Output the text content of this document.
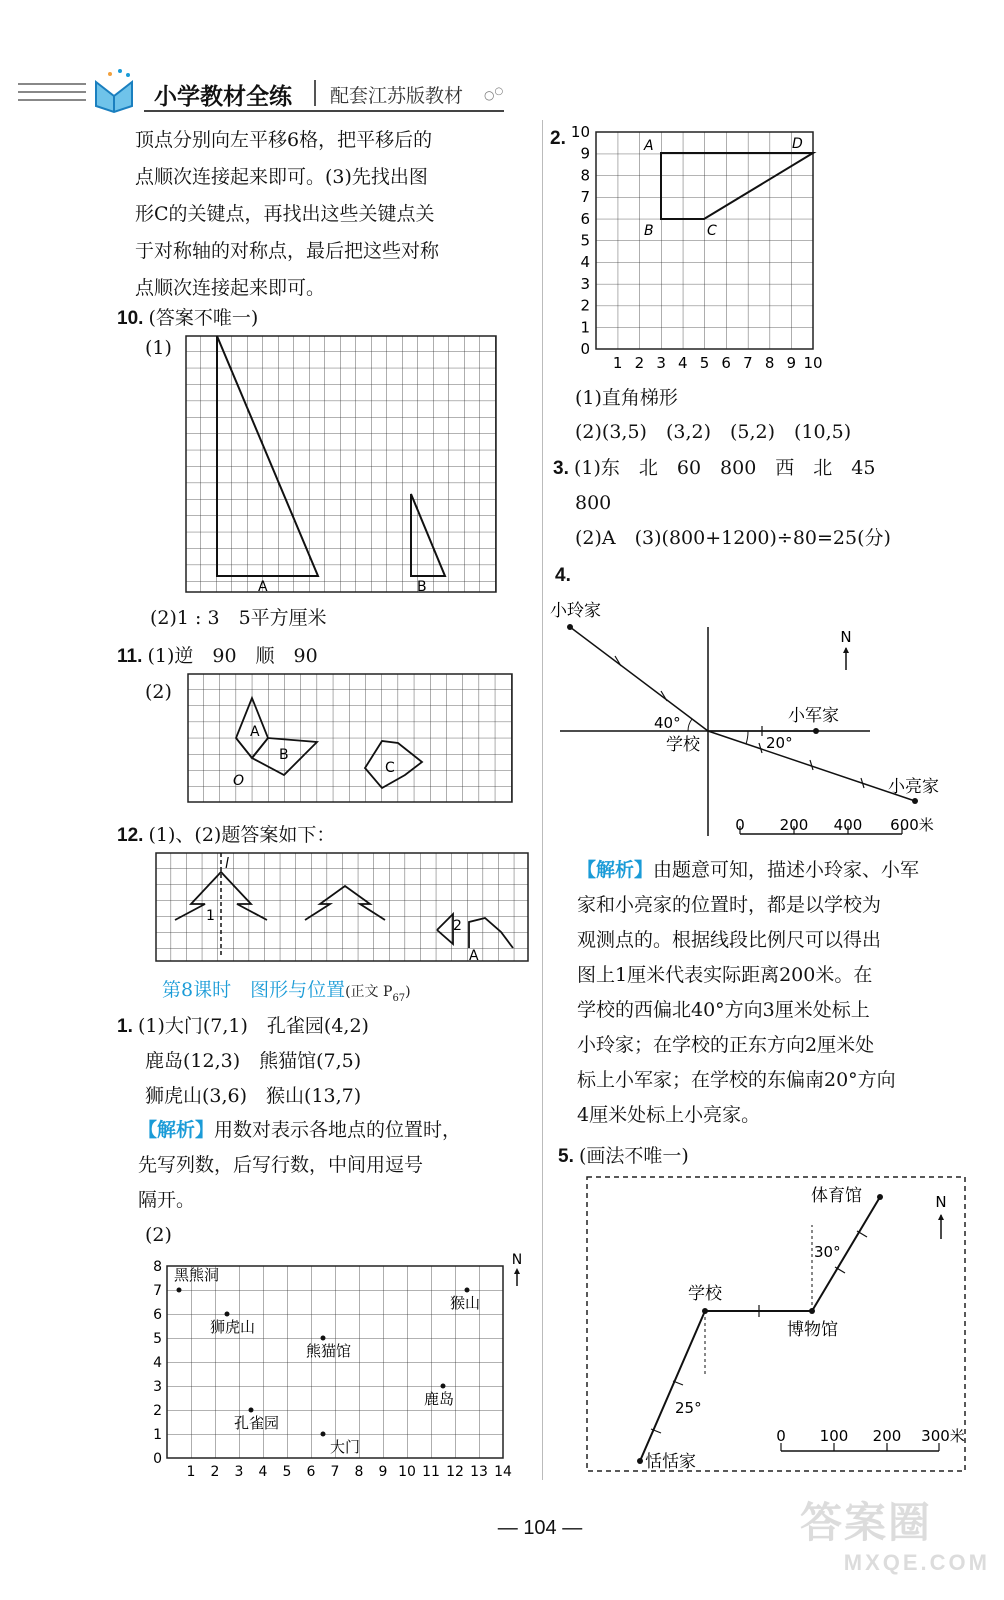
小学教材全练 配套江苏版教材 ○○
顶点分别向左平移6格，把平移后的
点顺次连接起来即可。(3)先找出图
形C的关键点，再找出这些关键点关
于对称轴的对称点，最后把这些对称
点顺次连接起来即可。
10. (答案不唯一)
(1)
A	B
(2)1 : 3　5平方厘米
11. (1)逆　90　顺　90
(2)
A
B
C
O
12. (1)、(2)题答案如下：
l
1
2
A
第8课时　图形与位置(正文 $P_{67}$)
1. (1)大门(7,1)　孔雀园(4,2)
鹿岛(12,3)　熊猫馆(7,5)
狮虎山(3,6)　猴山(13,7)
【解析】用数对表示各地点的位置时，
先写列数，后写行数，中间用逗号
隔开。
(2)
1 2 3 4 5 6 7 8 9 10 11 12 13 14
0
1
2
3
4
5
6
7
8	N
黑熊洞
狮虎山
熊猫馆
猴山
鹿岛
孔雀园
大门
2.
0
1
2
3
4
5
6
7
8
9
10
1 2 3 4 5 6 7 8 9 10
A
B	C
D
(1)直角梯形
(2)(3,5)　(3,2)　(5,2)　(10,5)
3. (1)东　北　60　800　西　北　45
800
(2)A　(3)(800+1200)÷80=25(分)
4.
小玲家
小军家
小亮家
学校
40°
20°
N
0 200 400 600米
【解析】由题意可知，描述小玲家、小军
家和小亮家的位置时，都是以学校为
观测点的。根据线段比例尺可以得出
图上1厘米代表实际距离200米。在
学校的西偏北40°方向3厘米处标上
小玲家；在学校的正东方向2厘米处
标上小军家；在学校的东偏南20°方向
4厘米处标上小亮家。
5. (画法不唯一)
体育馆
学校
博物馆
恬恬家
30°
25°
N
0 100 200 300米
— 104 —	答案圈
MXQE.COM
